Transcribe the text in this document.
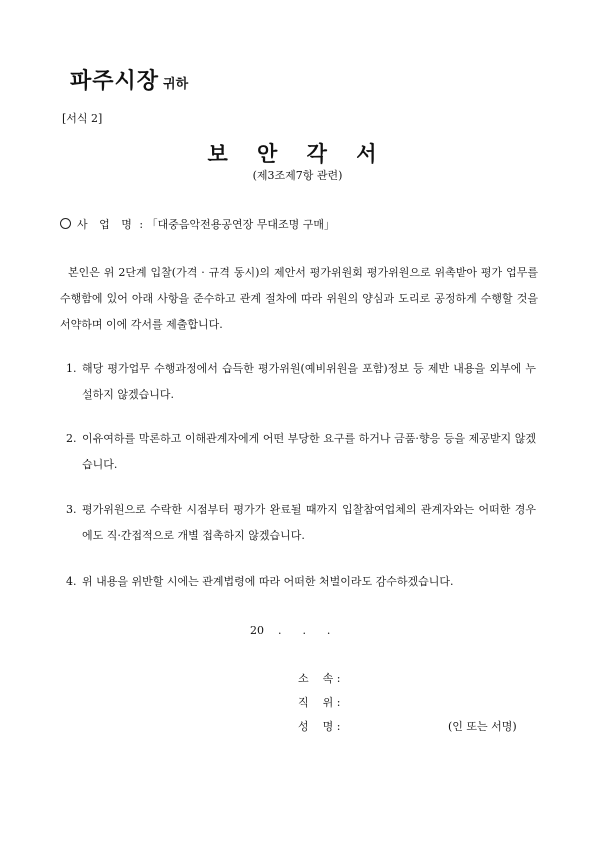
파주시장 귀하
[서식 2]
보 안 각 서
(제3조제7항 관련)
사 업 명 : 「대중음악전용공연장 무대조명 구매」
본인은 위 2단계 입찰(가격 · 규격 동시)의 제안서 평가위원회 평가위원으로 위촉받아 평가 업무를 수행함에 있어 아래 사항을 준수하고 관계 절차에 따라 위원의 양심과 도리로 공정하게 수행할 것을 서약하며 이에 각서를 제출합니다.
1. 해당 평가업무 수행과정에서 습득한 평가위원(예비위원을 포함)정보 등 제반 내용을 외부에 누설하지 않겠습니다.
2. 이유여하를 막론하고 이해관계자에게 어떤 부당한 요구를 하거나 금품·향응 등을 제공받지 않겠습니다.
3. 평가위원으로 수락한 시점부터 평가가 완료될 때까지 입찰참여업체의 관계자와는 어떠한 경우에도 직·간접적으로 개별 접촉하지 않겠습니다.
4. 위 내용을 위반할 시에는 관계법령에 따라 어떠한 처벌이라도 감수하겠습니다.
20    .      .      .
소    속 :
직    위 :
성    명 :	(인 또는 서명)
